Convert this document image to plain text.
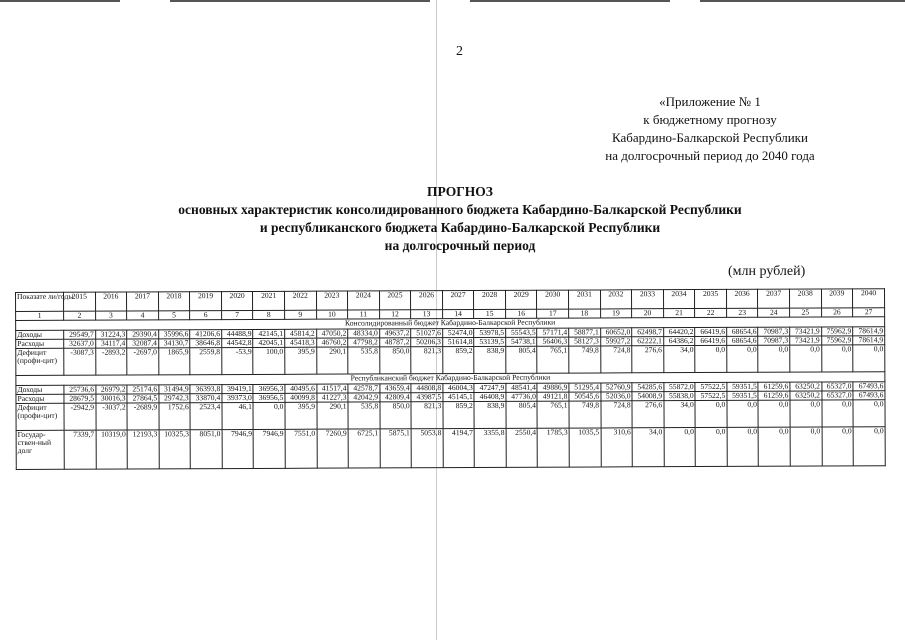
2
«Приложение № 1
к бюджетному прогнозу
Кабардино-Балкарской Республики
на долгосрочный период до 2040 года
ПРОГНОЗ
основных характеристик консолидированного бюджета Кабардино-Балкарской Республики
и республиканского бюджета Кабардино-Балкарской Республики
на долгосрочный период
(млн рублей)
Показате ли/годы	2015	2016	2017	2018	2019	2020	2021	2022	2023	2024	2025	2026	2027	2028	2029	2030	2031	2032	2033	2034	2035	2036	2037	2038	2039	2040
1	2	3	4	5	6	7	8	9	10	11	12	13	14	15	16	17	18	19	20	21	22	23	24	25	26	27
Консолидированный бюджет Кабардино-Балкарской Республики																										
Доходы	29549,7	31224,3	29390,4	35996,6	41206,6	44488,9	42145,1	45814,2	47050,2	48334,0	49637,2	51027,6	52474,0	53978,5	55543,5	57171,4	58877,1	60652,0	62498,7	64420,2	66419,6	68654,6	70987,3	73421,9	75962,9	78614,9
Расходы	32637,0	34117,4	32087,4	34130,7	38646,8	44542,8	42045,1	45418,3	46760,2	47798,2	48787,2	50206,3	51614,8	53139,5	54738,1	56406,3	58127,3	59927,2	62222,1	64386,2	66419,6	68654,6	70987,3	73421,9	75962,9	78614,9
Дефицит (профи-цит)	-3087,3	-2893,2	-2697,0	1865,9	2559,8	-53,9	100,0	395,9	290,1	535,8	850,0	821,3	859,2	838,9	805,4	765,1	749,8	724,8	276,6	34,0	0,0	0,0	0,0	0,0	0,0	0,0
Республиканский бюджет Кабардино-Балкарской Республики																										
Доходы	25736,6	26979,2	25174,6	31494,9	36393,8	39419,1	36956,3	40495,6	41517,4	42578,7	43659,4	44808,8	46004,3	47247,9	48541,4	49886,9	51295,4	52760,9	54285,6	55872,0	57522,5	59351,5	61259,6	63250,2	65327,0	67493,6
Расходы	28679,5	30016,3	27864,5	29742,3	33870,4	39373,0	36956,5	40099,8	41227,3	42042,9	42809,4	43987,5	45145,1	46408,9	47736,0	49121,8	50545,6	52036,0	54008,9	55838,0	57522,5	59351,5	61259,6	63250,2	65327,0	67493,6
Дефицит (профи-цит)	-2942,9	-3037,2	-2689,9	1752,6	2523,4	46,1	0,0	395,9	290,1	535,8	850,0	821,3	859,2	838,9	805,4	765,1	749,8	724,8	276,6	34,0	0,0	0,0	0,0	0,0	0,0	0,0
Государ-ствен-ный долг	7339,7	10319,0	12193,3	10325,3	8051,0	7946,9	7946,9	7551,0	7260,9	6725,1	5875,1	5053,8	4194,7	3355,8	2550,4	1785,3	1035,5	310,6	34,0	0,0	0,0	0,0	0,0	0,0	0,0	0,0
